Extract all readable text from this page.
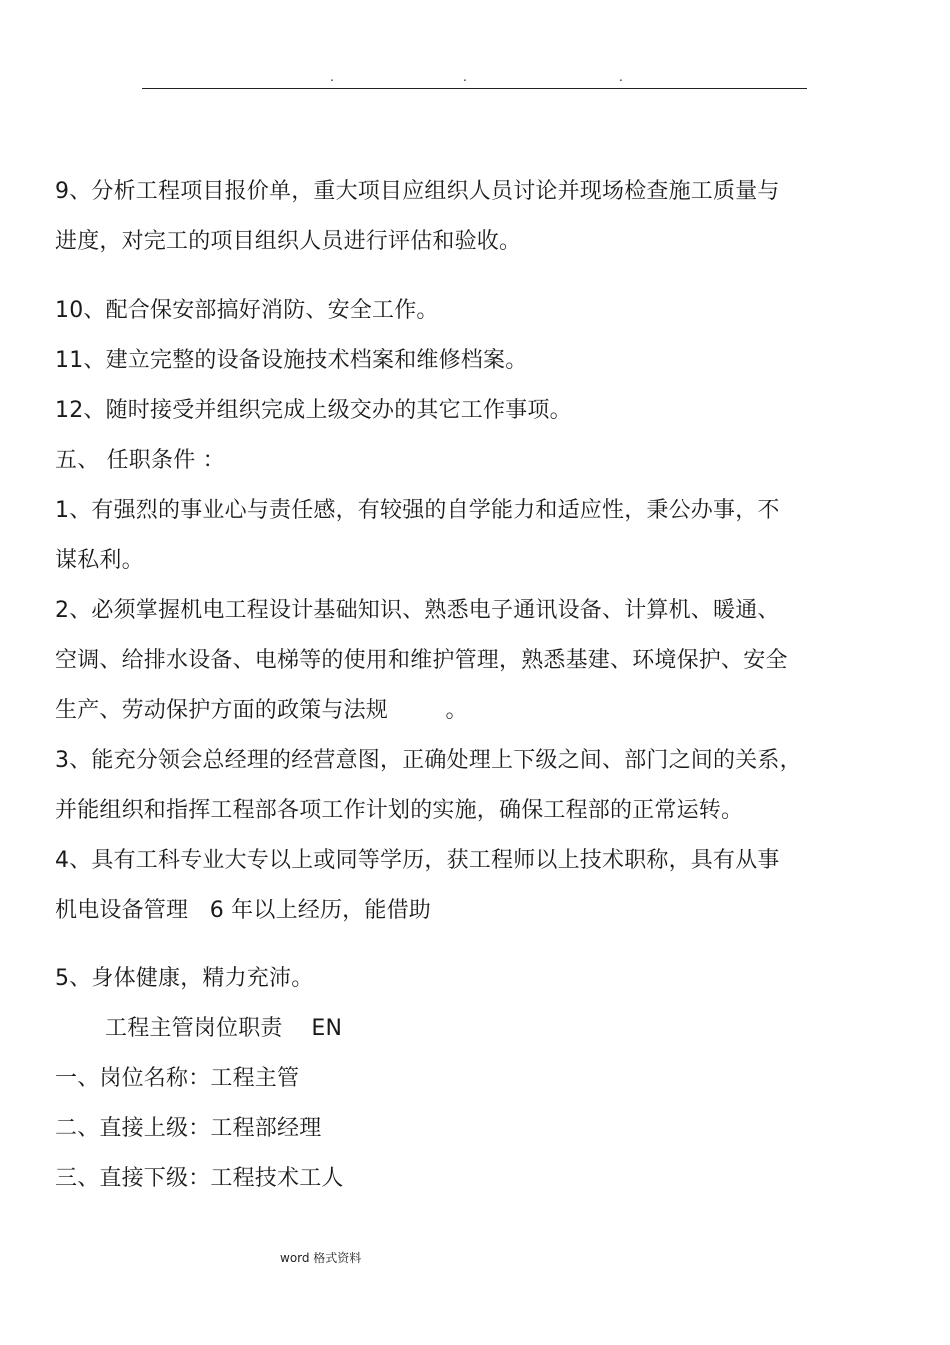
.	.	.
9、分析工程项目报价单，重大项目应组织人员讨论并现场检查施工质量与
进度，对完工的项目组织人员进行评估和验收。
10、配合保安部搞好消防、安全工作。
11、建立完整的设备设施技术档案和维修档案。
12、随时接受并组织完成上级交办的其它工作事项。
五、 任职条件 ：
1、有强烈的事业心与责任感，有较强的自学能力和适应性，秉公办事，不
谋私利。
2、必须掌握机电工程设计基础知识、熟悉电子通讯设备、计算机、暖通、
空调、给排水设备、电梯等的使用和维护管理，熟悉基建、环境保护、安全
生产、劳动保护方面的政策与法规        。
3、能充分领会总经理的经营意图，正确处理上下级之间、部门之间的关系，
并能组织和指挥工程部各项工作计划的实施，确保工程部的正常运转。
4、具有工科专业大专以上或同等学历，获工程师以上技术职称，具有从事
机电设备管理   6 年以上经历，能借助
5、身体健康，精力充沛。
工程主管岗位职责    EN
一、岗位名称：工程主管
二、直接上级：工程部经理
三、直接下级：工程技术工人
word 格式资料
